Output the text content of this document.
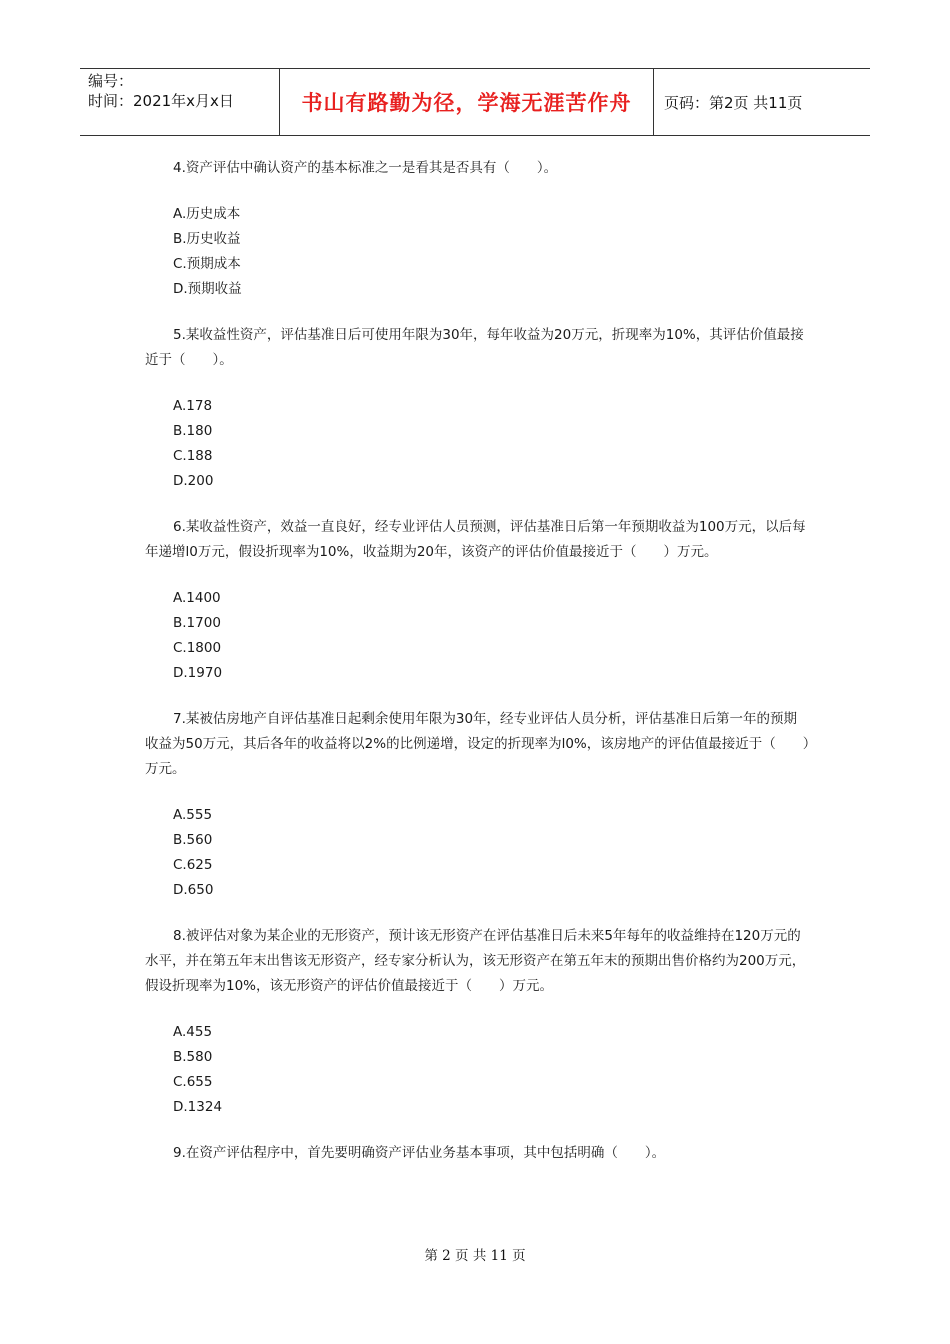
编号：
时间：2021年x月x日	书山有路勤为径，学海无涯苦作舟	页码：第2页 共11页

4.资产评估中确认资产的基本标准之一是看其是否具有（　　）。

A.历史成本
B.历史收益
C.预期成本
D.预期收益

5.某收益性资产，评估基准日后可使用年限为30年，每年收益为20万元，折现率为10%，其评估价值最接近于（　　）。

A.178
B.180
C.188
D.200

6.某收益性资产，效益一直良好，经专业评估人员预测，评估基准日后第一年预期收益为100万元，以后每年递增l0万元，假设折现率为10%，收益期为20年，该资产的评估价值最接近于（　　）万元。

A.1400
B.1700
C.1800
D.1970

7.某被估房地产自评估基准日起剩余使用年限为30年，经专业评估人员分析，评估基准日后第一年的预期收益为50万元，其后各年的收益将以2%的比例递增，设定的折现率为l0%，该房地产的评估值最接近于（　　）万元。

A.555
B.560
C.625
D.650

8.被评估对象为某企业的无形资产，预计该无形资产在评估基准日后未来5年每年的收益维持在120万元的水平，并在第五年末出售该无形资产，经专家分析认为，该无形资产在第五年末的预期出售价格约为200万元，假设折现率为10%，该无形资产的评估价值最接近于（　　）万元。

A.455
B.580
C.655
D.1324

9.在资产评估程序中，首先要明确资产评估业务基本事项，其中包括明确（　　）。

第 2 页 共 11 页
